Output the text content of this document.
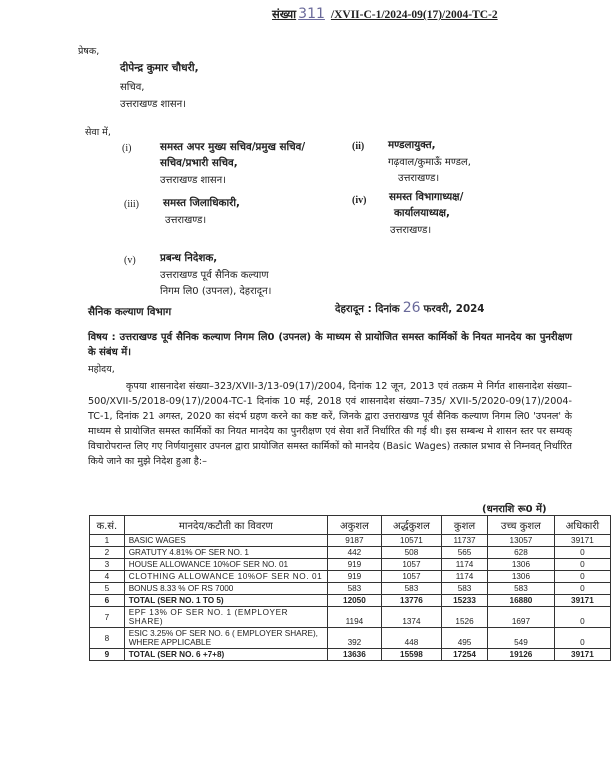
संख्या 311 /XVII-C-1/2024-09(17)/2004-TC-2
प्रेषक,
दीपेन्द्र कुमार चौधरी,
सचिव,
उत्तराखण्ड शासन।
सेवा में,
(i)	समस्त अपर मुख्य सचिव/प्रमुख सचिव/
सचिव/प्रभारी सचिव,
उत्तराखण्ड शासन।
(ii) मण्डलायुक्त,
गढ़वाल/कुमाऊँ मण्डल,
उत्तराखण्ड।
(iii) समस्त जिलाधिकारी,
उत्तराखण्ड।
(iv) समस्त विभागाध्यक्ष/
कार्यालयाध्यक्ष,
उत्तराखण्ड।
(v) प्रबन्ध निदेशक,
उत्तराखण्ड पूर्व सैनिक कल्याण
निगम लि0 (उपनल), देहरादून।
सैनिक कल्याण विभाग	देहरादून : दिनांक 26 फरवरी, 2024
विषय : उत्तराखण्ड पूर्व सैनिक कल्याण निगम लि0 (उपनल) के माध्यम से प्रायोजित समस्त कार्मिकों के नियत मानदेय का पुनरीक्षण के संबंध में।
महोदय,

कृपया शासनादेश संख्या–323/XVII-3/13-09(17)/2004, दिनांक 12 जून, 2013 एवं तत्क्रम मे निर्गत शासनादेश संख्या–500/XVII-5/2018-09(17)/2004-TC-1 दिनांक 10 मई, 2018 एवं शासनादेश संख्या–735/ XVII-5/2020-09(17)/2004-TC-1, दिनांक 21 अगस्त, 2020 का संदर्भ ग्रहण करने का कष्ट करें, जिनके द्वारा उत्तराखण्ड पूर्व सैनिक कल्याण निगम लि0 'उपनल' के माध्यम से प्रायोजित समस्त कार्मिकों का नियत मानदेय का पुनरीक्षण एवं सेवा शर्तें निर्धारित की गई थी। इस सम्बन्ध मे शासन स्तर पर सम्यक् विचारोपरान्त लिए गए निर्णयानुसार उपनल द्वारा प्रायोजित समस्त कार्मिकों को मानदेय (Basic Wages) तत्काल प्रभाव से निम्नवत् निर्धारित किये जाने का मुझे निदेश हुआ है:–

(धनराशि रू0 में)
क.सं.	मानदेय/कटौती का विवरण	अकुशल	अर्द्धकुशल	कुशल	उच्च कुशल	अधिकारी
1	BASIC WAGES	9187	10571	11737	13057	39171
2	GRATUTY 4.81% OF SER NO. 1	442	508	565	628	0
3	HOUSE ALLOWANCE 10%OF SER NO. 01	919	1057	1174	1306	0
4	CLOTHING ALLOWANCE 10%OF SER NO. 01	919	1057	1174	1306	0
5	BONUS 8.33 % OF RS 7000	583	583	583	583	0
6	TOTAL (SER NO. 1 TO 5)	12050	13776	15233	16880	39171
7	EPF 13% OF SER NO. 1 (EMPLOYER SHARE)	1194	1374	1526	1697	0
8	ESIC 3.25% OF SER NO. 6 ( EMPLOYER SHARE), WHERE APPLICABLE	392	448	495	549	0
9	TOTAL (SER NO. 6 +7+8)	13636	15598	17254	19126	39171
